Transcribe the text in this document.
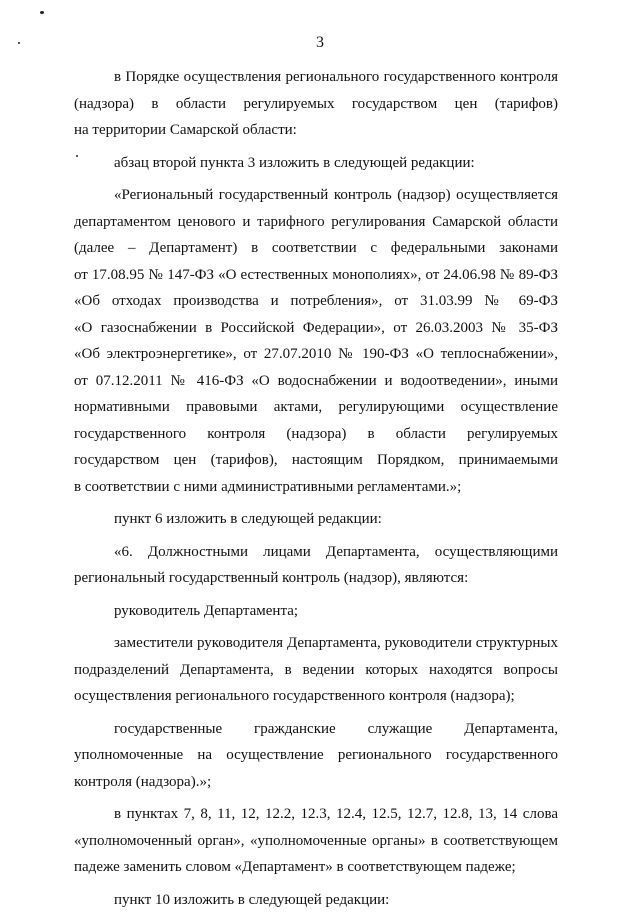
3
в Порядке осуществления регионального государственного контроля
(надзора) в области регулируемых государством цен (тарифов)
на территории Самарской области:
абзац второй пункта 3 изложить в следующей редакции:
«Региональный государственный контроль (надзор) осуществляется
департаментом ценового и тарифного регулирования Самарской области
(далее – Департамент) в соответствии с федеральными законами
от 17.08.95 № 147-ФЗ «О естественных монополиях», от 24.06.98 № 89-ФЗ
«Об отходах производства и потребления», от 31.03.99 № 69-ФЗ
«О газоснабжении в Российской Федерации», от 26.03.2003 № 35-ФЗ
«Об электроэнергетике», от 27.07.2010 № 190-ФЗ «О теплоснабжении»,
от 07.12.2011 № 416-ФЗ «О водоснабжении и водоотведении», иными
нормативными правовыми актами, регулирующими осуществление
государственного контроля (надзора) в области регулируемых
государством цен (тарифов), настоящим Порядком, принимаемыми
в соответствии с ними административными регламентами.»;
пункт 6 изложить в следующей редакции:
«6. Должностными лицами Департамента, осуществляющими
региональный государственный контроль (надзор), являются:
руководитель Департамента;
заместители руководителя Департамента, руководители структурных
подразделений Департамента, в ведении которых находятся вопросы
осуществления регионального государственного контроля (надзора);
государственные гражданские служащие Департамента,
уполномоченные на осуществление регионального государственного
контроля (надзора).»;
в пунктах 7, 8, 11, 12, 12.2, 12.3, 12.4, 12.5, 12.7, 12.8, 13, 14 слова
«уполномоченный орган», «уполномоченные органы» в соответствующем
падеже заменить словом «Департамент» в соответствующем падеже;
пункт 10 изложить в следующей редакции:
